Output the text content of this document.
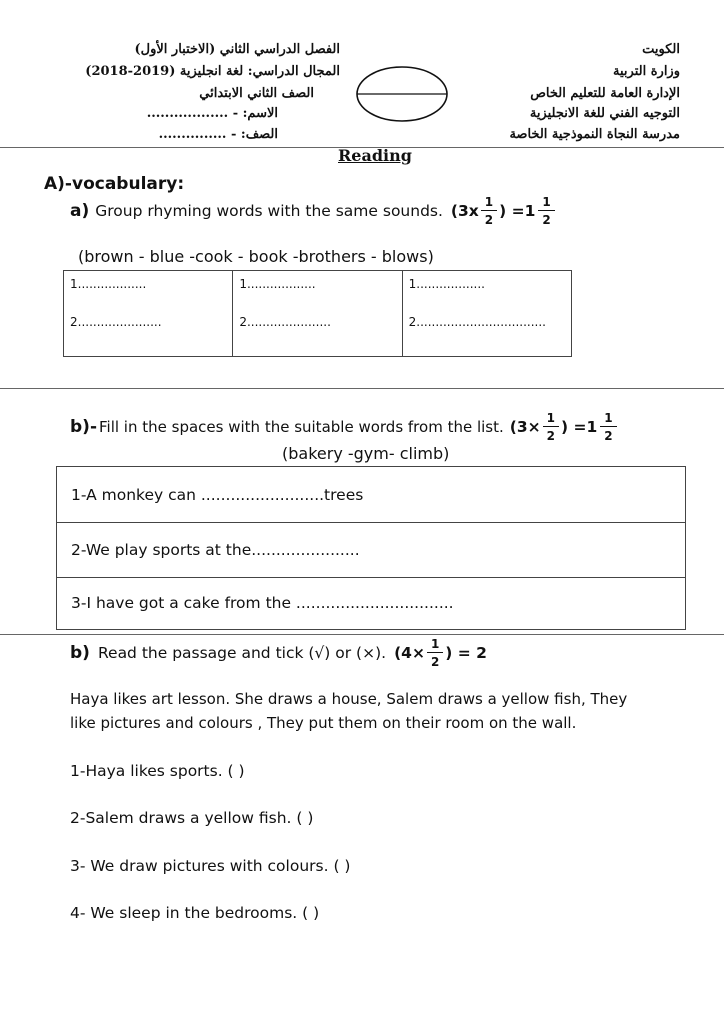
الكويت
وزارة التربية
الإدارة العامة للتعليم الخاص
التوجيه الفني للغة الانجليزية
مدرسة النجاة النموذجية الخاصة
الفصل الدراسي الثاني (الاختبار الأول)
المجال الدراسي: لغة انجليزية (2019-2018)
الصف الثاني الابتدائي
الاسم: - ..................
الصف: - ...............
Reading
A)-vocabulary:
a) Group rhyming words with the same sounds. ($3x \frac{1}{2}$ ) $=1 \frac{1}{2}$
(brown - blue -cook - book -brothers - blows)
1..................
2......................

1..................
2......................

1..................
2..................................
b)- Fill in the spaces with the suitable words from the list. ($3\times \frac{1}{2}$ ) $=1 \frac{1}{2}$
(bakery -gym- climb)
1-A monkey can .........................trees
2-We play sports at the......................
3-I have got a cake from the ................................
b) Read the passage and tick (√) or (×). ($4\times \frac{1}{2}$ ) = 2
Haya likes art lesson. She draws a house, Salem draws a yellow fish, They
like pictures and colours , They put them on their room on the wall.
1-Haya likes sports. ( )
2-Salem draws a yellow fish. ( )
3- We draw pictures with colours. ( )
4- We sleep in the bedrooms. ( )
